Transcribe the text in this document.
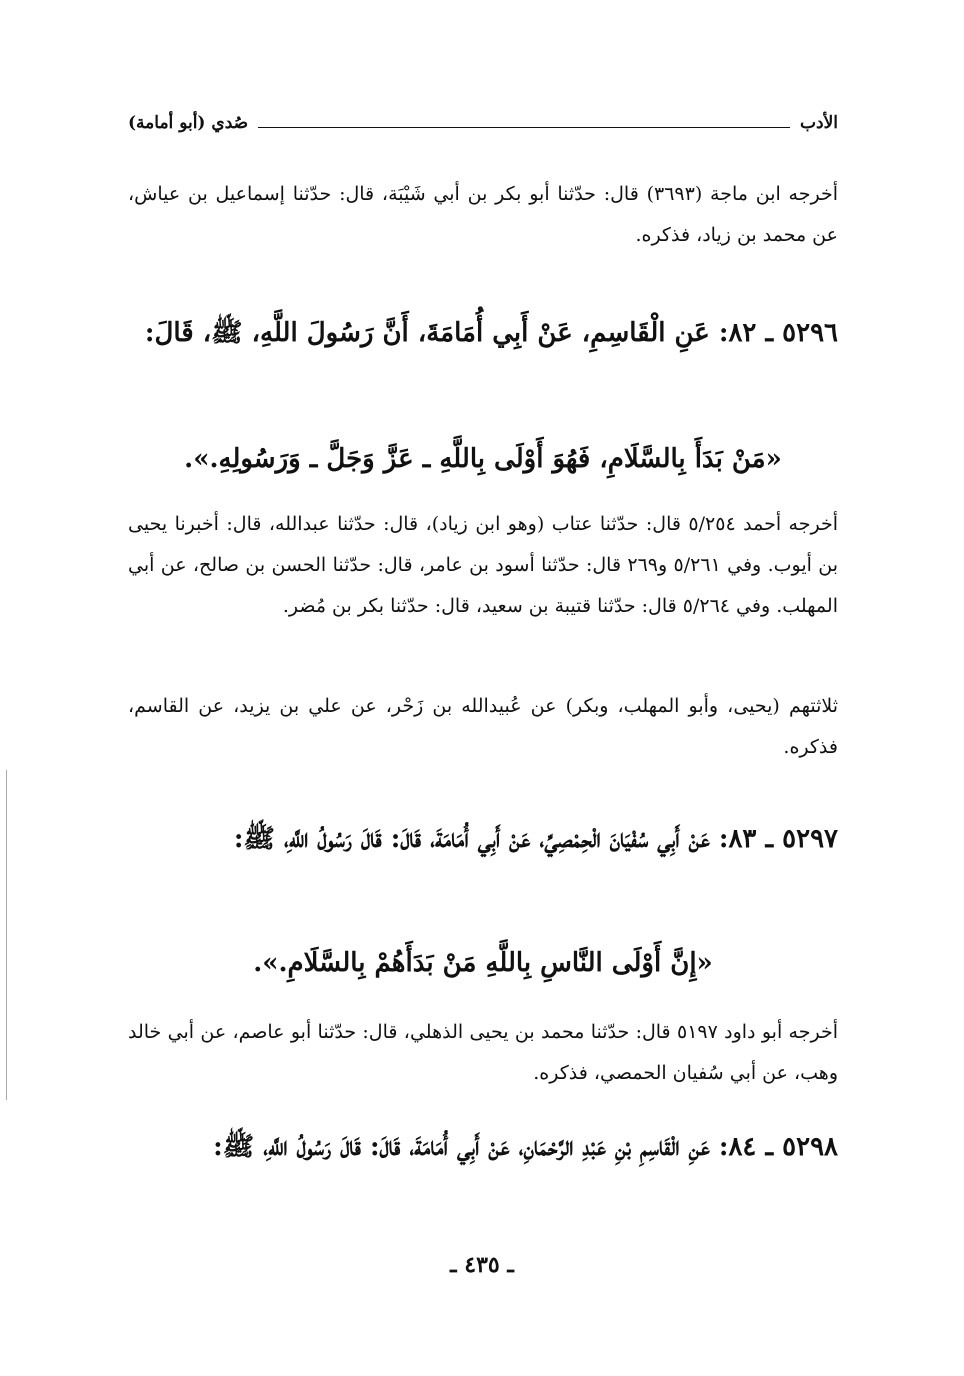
الأدب
صُدي (أبو أمامة)

أخرجه ابن ماجة (٣٦٩٣) قال: حدّثنا أبو بكر بن أبي شَيْبَة، قال: حدّثنا إسماعيل بن عياش، عن محمد بن زياد، فذكره.

٥٢٩٦ ـ ٨٢: عَنِ الْقَاسِمِ، عَنْ أَبِي أُمَامَةَ، أَنَّ رَسُولَ اللَّهِ، ﷺ، قَالَ:

«مَنْ بَدَأَ بِالسَّلَامِ، فَهُوَ أَوْلَى بِاللَّهِ ـ عَزَّ وَجَلَّ ـ وَرَسُولِهِ.».

أخرجه أحمد ٥/٢٥٤ قال: حدّثنا عتاب (وهو ابن زياد)، قال: حدّثنا عبدالله، قال: أخبرنا يحيى بن أيوب. وفي ٥/٢٦١ و٢٦٩ قال: حدّثنا أسود بن عامر، قال: حدّثنا الحسن بن صالح، عن أبي المهلب. وفي ٥/٢٦٤ قال: حدّثنا قتيبة بن سعيد، قال: حدّثنا بكر بن مُضر.

ثلاثتهم (يحيى، وأبو المهلب، وبكر) عن عُبيدالله بن زَحْر، عن علي بن يزيد، عن القاسم، فذكره.

٥٢٩٧ ـ ٨٣: عَنْ أَبِي سُفْيَانَ الْحِمْصِيِّ، عَنْ أَبِي أُمَامَةَ، قَالَ: قَالَ رَسُولُ اللَّهِ، ﷺ:

«إِنَّ أَوْلَى النَّاسِ بِاللَّهِ مَنْ بَدَأَهُمْ بِالسَّلَامِ.».

أخرجه أبو داود ٥١٩٧ قال: حدّثنا محمد بن يحيى الذهلي، قال: حدّثنا أبو عاصم، عن أبي خالد وهب، عن أبي سُفيان الحمصي، فذكره.

٥٢٩٨ ـ ٨٤: عَنِ الْقَاسِمِ بْنِ عَبْدِ الرَّحْمَانِ، عَنْ أَبِي أُمَامَةَ، قَالَ: قَالَ رَسُولُ اللَّهِ، ﷺ:

ـ ٤٣٥ ـ
